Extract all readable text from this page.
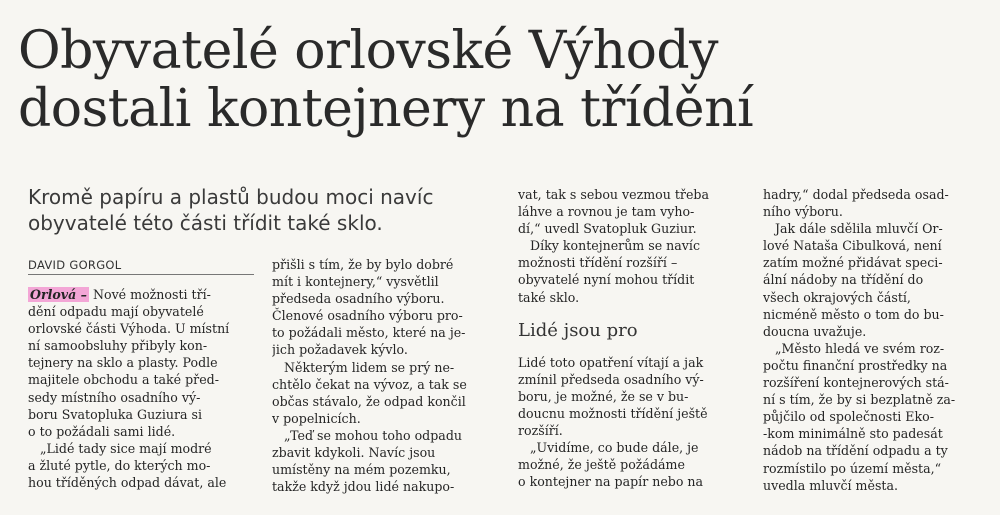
Obyvatelé orlovské Výhody
dostali kontejnery na třídění
Kromě papíru a plastů budou moci navíc
obyvatelé této části třídit také sklo.
DAVID GORGOL
Orlová – Nové možnosti tří-
dění odpadu mají obyvatelé
orlovské části Výhoda. U místní
ní samoobsluhy přibyly kon-
tejnery na sklo a plasty. Podle
majitele obchodu a také před-
sedy místního osadního vý-
boru Svatopluka Guziura si
o to požádali sami lidé.
„Lidé tady sice mají modré
a žluté pytle, do kterých mo-
hou tříděných odpad dávat, ale
přišli s tím, že by bylo dobré
mít i kontejnery,“ vysvětlil
předseda osadního výboru.
Členové osadního výboru pro-
to požádali město, které na je-
jich požadavek kývlo.
Některým lidem se prý ne-
chtělo čekat na vývoz, a tak se
občas stávalo, že odpad končil
v popelnicích.
„Teď se mohou toho odpadu
zbavit kdykoli. Navíc jsou
umístěny na mém pozemku,
takže když jdou lidé nakupo-
vat, tak s sebou vezmou třeba
láhve a rovnou je tam vyho-
dí,“ uvedl Svatopluk Guziur.
Díky kontejnerům se navíc
možnosti třídění rozšíří –
obyvatelé nyní mohou třídit
také sklo.
Lidé jsou pro
Lidé toto opatření vítají a jak
zmínil předseda osadního vý-
boru, je možné, že se v bu-
doucnu možnosti třídění ještě
rozšíří.
„Uvidíme, co bude dále, je
možné, že ještě požádáme
o kontejner na papír nebo na
hadry,“ dodal předseda osad-
ního výboru.
Jak dále sdělila mluvčí Or-
lové Nataša Cibulková, není
zatím možné přidávat speci-
ální nádoby na třídění do
všech okrajových částí,
nicméně město o tom do bu-
doucna uvažuje.
„Město hledá ve svém roz-
počtu finanční prostředky na
rozšíření kontejnerových stá-
ní s tím, že by si bezplatně za-
půjčilo od společnosti Eko-
-kom minimálně sto padesát
nádob na třídění odpadu a ty
rozmístilo po území města,“
uvedla mluvčí města.
